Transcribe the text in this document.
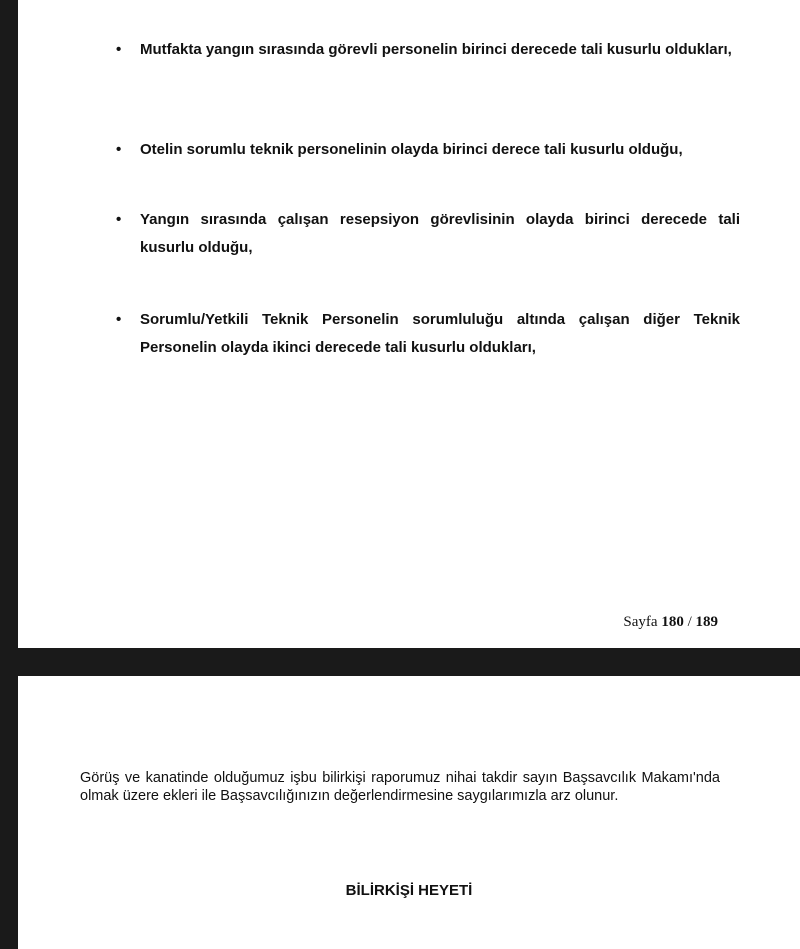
• Mutfakta yangın sırasında görevli personelin birinci derecede tali kusurlu oldukları,
• Otelin sorumlu teknik personelinin olayda birinci derece tali kusurlu olduğu,
• Yangın sırasında çalışan resepsiyon görevlisinin olayda birinci derecede tali kusurlu olduğu,
• Sorumlu/Yetkili Teknik Personelin sorumluluğu altında çalışan diğer Teknik Personelin olayda ikinci derecede tali kusurlu oldukları,
Sayfa 180 / 189

Görüş ve kanatinde olduğumuz işbu bilirkişi raporumuz nihai takdir sayın Başsavcılık Makamı'nda olmak üzere ekleri ile Başsavcılığınızın değerlendirmesine saygılarımızla arz olunur.

BİLİRKİŞİ HEYETİ
